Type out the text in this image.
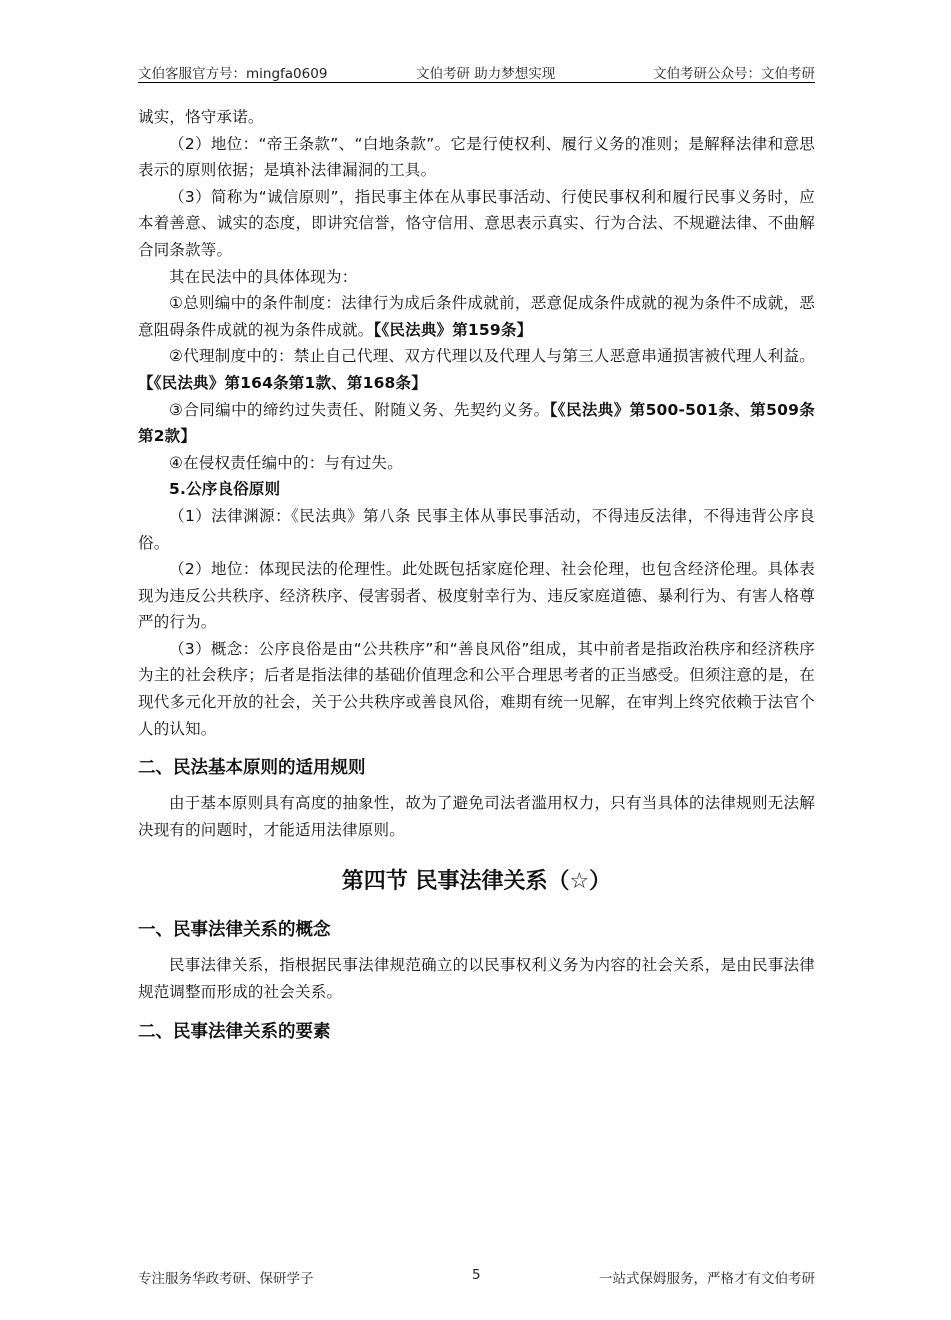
文伯客服官方号：mingfa0609	文伯考研 助力梦想实现	文伯考研公众号：文伯考研

诚实，恪守承诺。

（2）地位：“帝王条款”、“白地条款”。它是行使权利、履行义务的准则；是解释法律和意思表示的原则依据；是填补法律漏洞的工具。

（3）简称为“诚信原则”，指民事主体在从事民事活动、行使民事权利和履行民事义务时，应本着善意、诚实的态度，即讲究信誉，恪守信用、意思表示真实、行为合法、不规避法律、不曲解合同条款等。

其在民法中的具体体现为：

①总则编中的条件制度：法律行为成后条件成就前，恶意促成条件成就的视为条件不成就，恶意阻碍条件成就的视为条件成就。【《民法典》第159条】

②代理制度中的：禁止自己代理、双方代理以及代理人与第三人恶意串通损害被代理人利益。【《民法典》第164条第1款、第168条】

③合同编中的缔约过失责任、附随义务、先契约义务。【《民法典》第500-501条、第509条第2款】

④在侵权责任编中的：与有过失。

5.公序良俗原则

（1）法律渊源：《民法典》第八条 民事主体从事民事活动，不得违反法律，不得违背公序良俗。

（2）地位：体现民法的伦理性。此处既包括家庭伦理、社会伦理，也包含经济伦理。具体表现为违反公共秩序、经济秩序、侵害弱者、极度射幸行为、违反家庭道德、暴利行为、有害人格尊严的行为。

（3）概念：公序良俗是由“公共秩序”和“善良风俗”组成，其中前者是指政治秩序和经济秩序为主的社会秩序；后者是指法律的基础价值理念和公平合理思考者的正当感受。但须注意的是，在现代多元化开放的社会，关于公共秩序或善良风俗，难期有统一见解，在审判上终究依赖于法官个人的认知。

二、民法基本原则的适用规则

由于基本原则具有高度的抽象性，故为了避免司法者滥用权力，只有当具体的法律规则无法解决现有的问题时，才能适用法律原则。

第四节 民事法律关系（☆）
一、民事法律关系的概念

民事法律关系，指根据民事法律规范确立的以民事权利义务为内容的社会关系，是由民事法律规范调整而形成的社会关系。

二、民事法律关系的要素
专注服务华政考研、保研学子	5	一站式保姆服务，严格才有文伯考研
